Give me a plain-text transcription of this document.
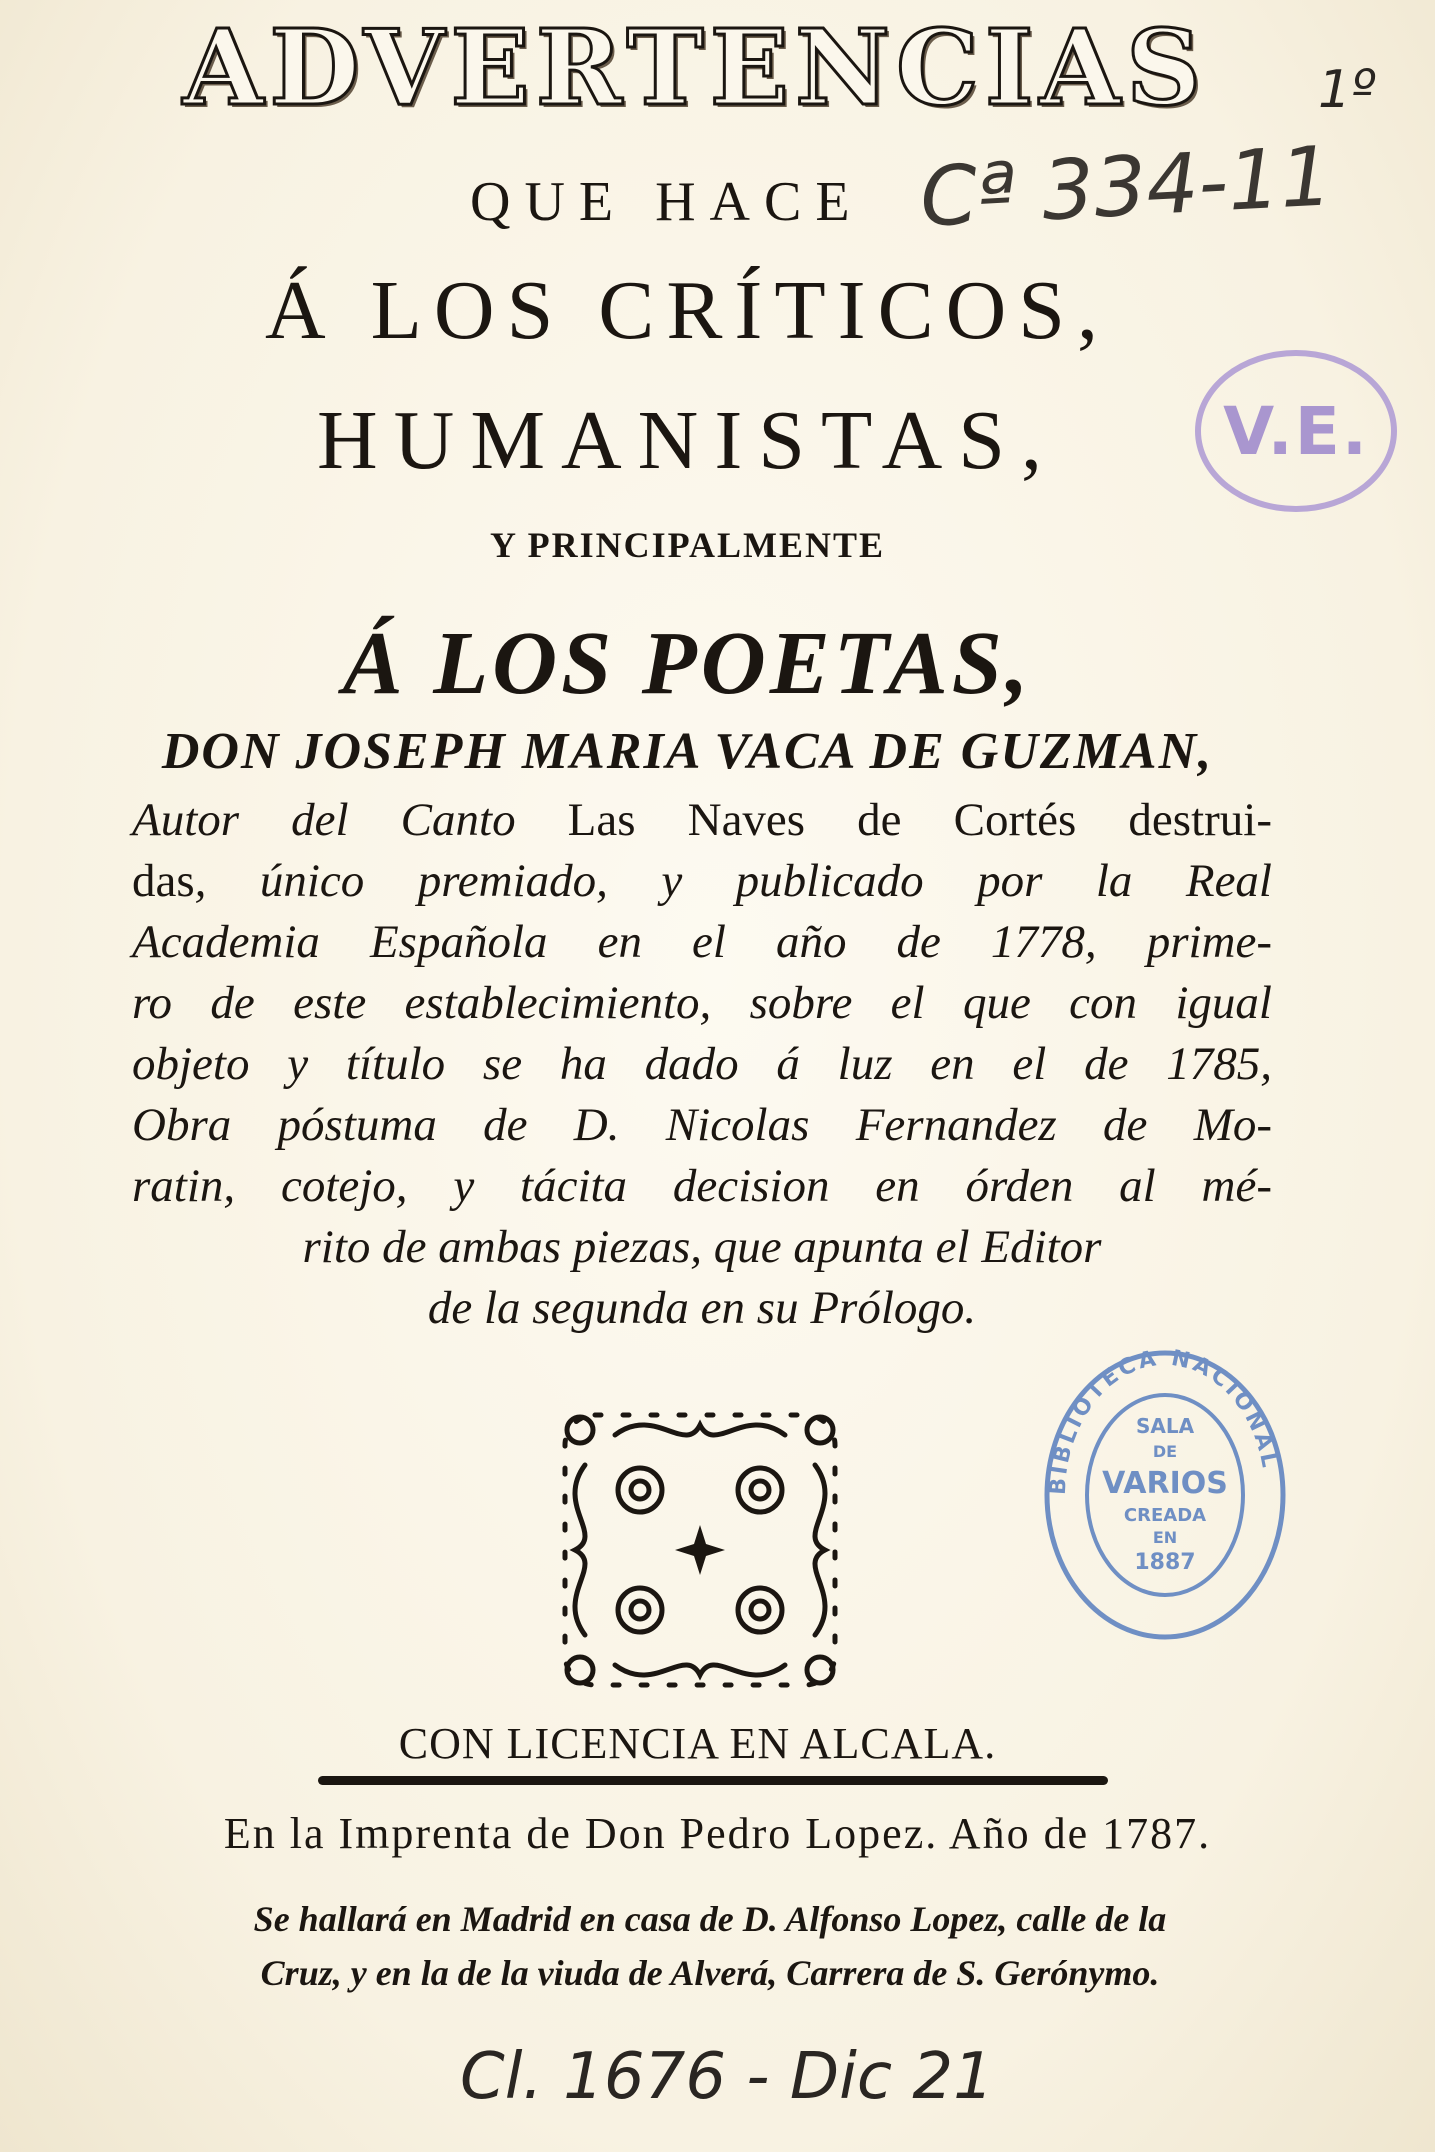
ADVERTENCIAS
QUE HACE
Á LOS CRÍTICOS,
HUMANISTAS,
Y PRINCIPALMENTE
Á LOS POETAS,
DON JOSEPH MARIA VACA DE GUZMAN,
Autor del Canto Las Naves de Cortés destrui-
das, único premiado, y publicado por la Real
Academia Española en el año de 1778, prime-
ro de este establecimiento, sobre el que con igual
objeto y título se ha dado á luz en el de 1785,
Obra póstuma de D. Nicolas Fernandez de Mo-
ratin, cotejo, y tácita decision en órden al mé-
rito de ambas piezas, que apunta el Editor
de la segunda en su Prólogo.
CON LICENCIA EN ALCALA.
En la Imprenta de Don Pedro Lopez. Año de 1787.
Se hallará en Madrid en casa de D. Alfonso Lopez, calle de la
Cruz, y en la de la viuda de Alverá, Carrera de S. Gerónymo.
1º
Cª 334-11
Cl. 1676 - Dic 21
V.E.
BIBLIOTECA NACIONAL
SALA
DE
VARIOS
CREADA
EN
1887
